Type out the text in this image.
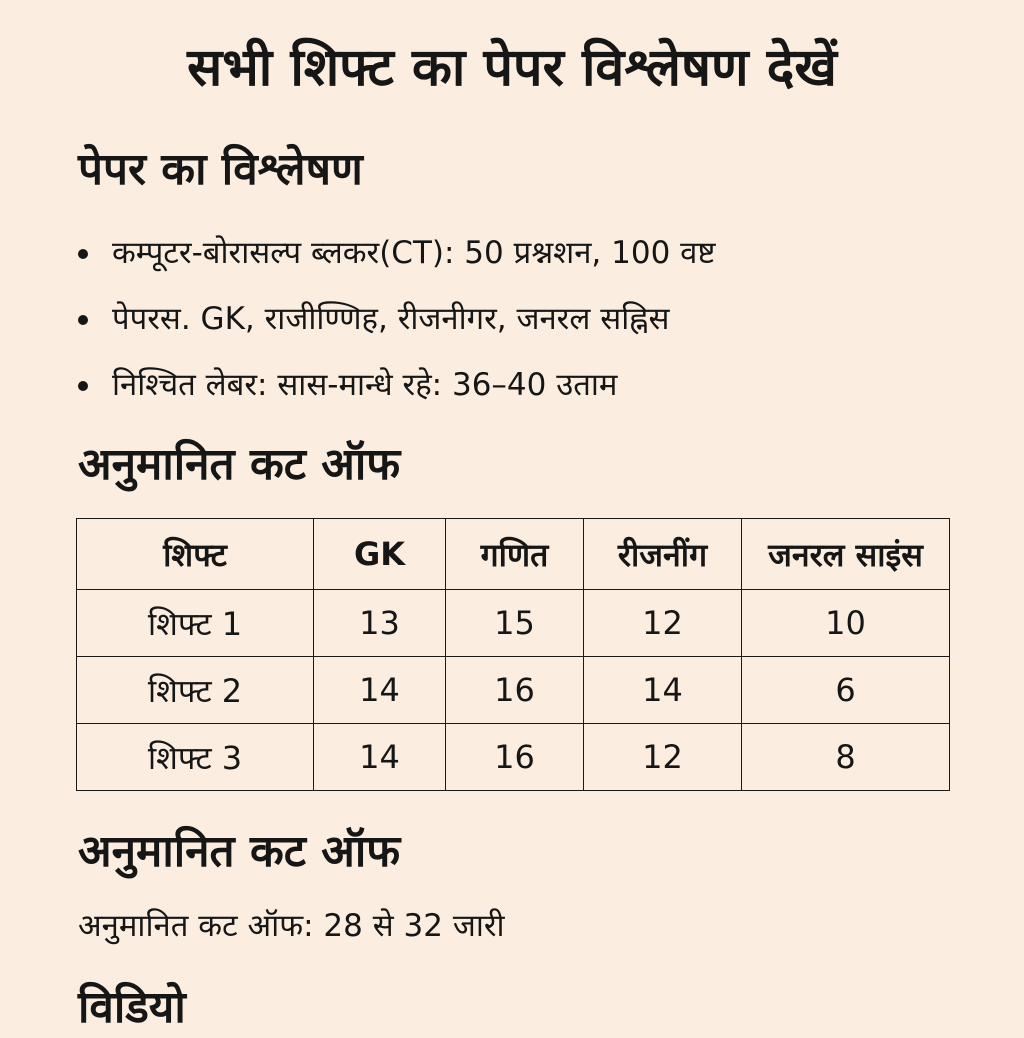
सभी शिफ्ट का पेपर विश्लेषण देखें
पेपर का विश्लेषण
कम्पूटर-बोरासल्प ब्लकर(CT): 50 प्रश्नशन, 100 वष्ट
पेपरस. GK, राजीण्णिह, रीजनीगर, जनरल सह्निस
निश्चित लेबर: सास-मान्धे रहे: 36–40 उताम
अनुमानित कट ऑफ
शिफ्ट	GK	गणित	रीजनींग	जनरल साइंस
शिफ्ट 1	13	15	12	10
शिफ्ट 2	14	16	14	6
शिफ्ट 3	14	16	12	8
अनुमानित कट ऑफ

अनुमानित कट ऑफ: 28 से 32 जारी

विडियो
